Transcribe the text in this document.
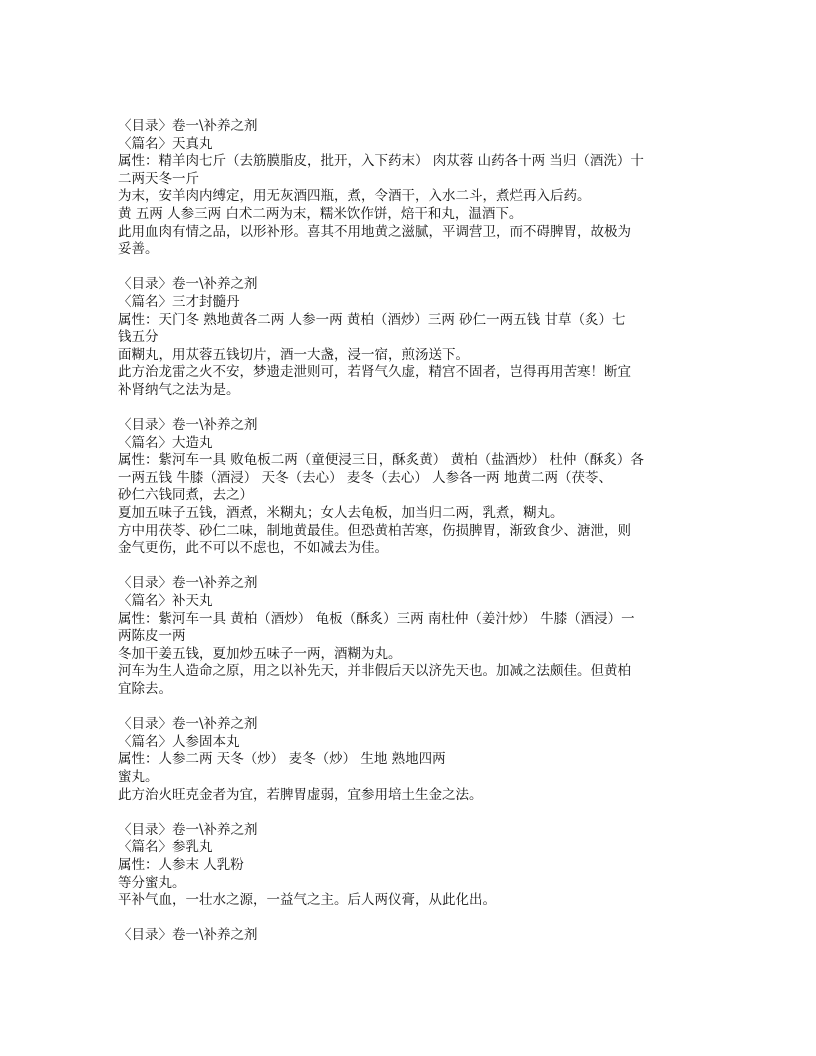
〈目录〉卷一\补养之剂
〈篇名〉天真丸
属性：精羊肉七斤（去筋膜脂皮，批开，入下药末） 肉苁蓉 山药各十两 当归（酒洗）十
二两天冬一斤
为末，安羊肉内缚定，用无灰酒四瓶，煮，令酒干，入水二斗，煮烂再入后药。
黄 五两 人参三两 白术二两为末，糯米饮作饼，焙干和丸，温酒下。
此用血肉有情之品，以形补形。喜其不用地黄之滋腻，平调营卫，而不碍脾胃，故极为
妥善。
〈目录〉卷一\补养之剂
〈篇名〉三才封髓丹
属性：天门冬 熟地黄各二两 人参一两 黄柏（酒炒）三两 砂仁一两五钱 甘草（炙）七
钱五分
面糊丸，用苁蓉五钱切片，酒一大盏，浸一宿，煎汤送下。
此方治龙雷之火不安，梦遗走泄则可，若肾气久虚，精宫不固者，岂得再用苦寒！断宜
补肾纳气之法为是。
〈目录〉卷一\补养之剂
〈篇名〉大造丸
属性：紫河车一具 败龟板二两（童便浸三日，酥炙黄） 黄柏（盐酒炒） 杜仲（酥炙）各
一两五钱 牛膝（酒浸） 天冬（去心） 麦冬（去心） 人参各一两 地黄二两（茯苓、
砂仁六钱同煮，去之）
夏加五味子五钱，酒煮，米糊丸；女人去龟板，加当归二两，乳煮，糊丸。
方中用茯苓、砂仁二味，制地黄最佳。但恐黄柏苦寒，伤损脾胃，渐致食少、溏泄，则
金气更伤，此不可以不虑也，不如减去为佳。
〈目录〉卷一\补养之剂
〈篇名〉补天丸
属性：紫河车一具 黄柏（酒炒） 龟板（酥炙）三两 南杜仲（姜汁炒） 牛膝（酒浸）一
两陈皮一两
冬加干姜五钱，夏加炒五味子一两，酒糊为丸。
河车为生人造命之原，用之以补先天，并非假后天以济先天也。加减之法颇佳。但黄柏
宜除去。
〈目录〉卷一\补养之剂
〈篇名〉人参固本丸
属性：人参二两 天冬（炒） 麦冬（炒） 生地 熟地四两
蜜丸。
此方治火旺克金者为宜，若脾胃虚弱，宜参用培土生金之法。
〈目录〉卷一\补养之剂
〈篇名〉参乳丸
属性：人参末 人乳粉
等分蜜丸。
平补气血，一壮水之源，一益气之主。后人两仪膏，从此化出。
〈目录〉卷一\补养之剂
